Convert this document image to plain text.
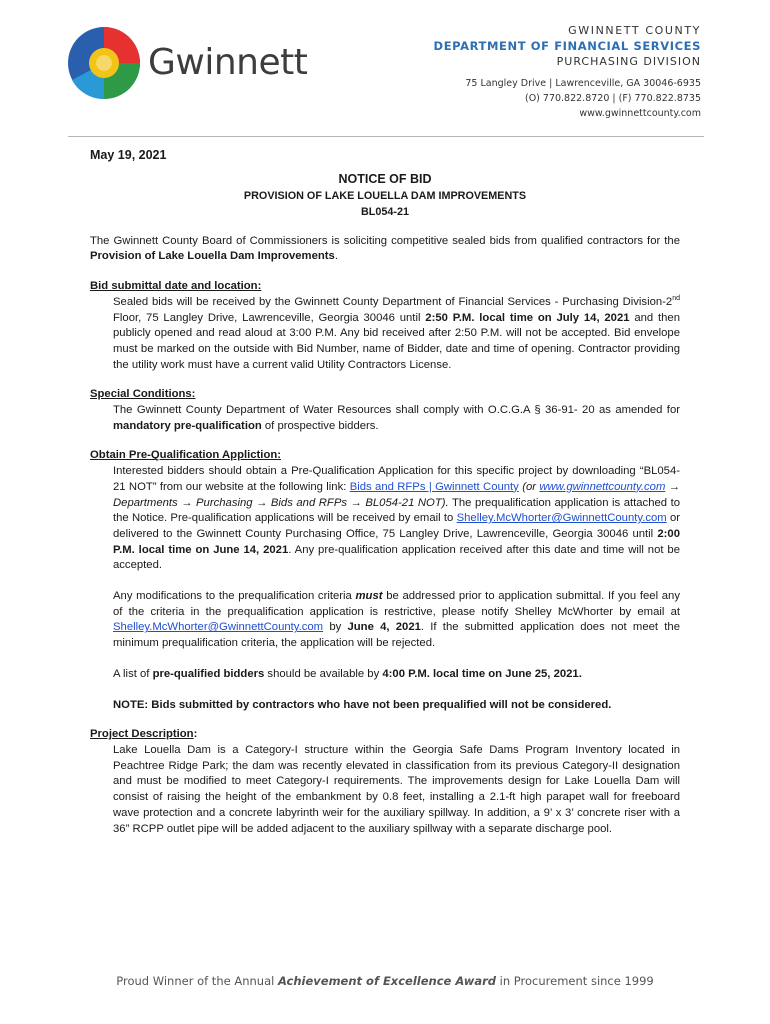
Gwinnett
GWINNETT COUNTY
DEPARTMENT OF FINANCIAL SERVICES
PURCHASING DIVISION
75 Langley Drive | Lawrenceville, GA 30046-6935
(O) 770.822.8720 | (F) 770.822.8735
www.gwinnettcounty.com
May 19, 2021
NOTICE OF BID
PROVISION OF LAKE LOUELLA DAM IMPROVEMENTS
BL054-21
The Gwinnett County Board of Commissioners is soliciting competitive sealed bids from qualified contractors for the Provision of Lake Louella Dam Improvements.
Bid submittal date and location:
Sealed bids will be received by the Gwinnett County Department of Financial Services - Purchasing Division-2nd Floor, 75 Langley Drive, Lawrenceville, Georgia 30046 until 2:50 P.M. local time on July 14, 2021 and then publicly opened and read aloud at 3:00 P.M. Any bid received after 2:50 P.M. will not be accepted. Bid envelope must be marked on the outside with Bid Number, name of Bidder, date and time of opening. Contractor providing the utility work must have a current valid Utility Contractors License.
Special Conditions:
The Gwinnett County Department of Water Resources shall comply with O.C.G.A § 36-91- 20 as amended for mandatory pre-qualification of prospective bidders.
Obtain Pre-Qualification Appliction:
Interested bidders should obtain a Pre-Qualification Application for this specific project by downloading “BL054-21 NOT” from our website at the following link: Bids and RFPs | Gwinnett County (or www.gwinnettcounty.com → Departments → Purchasing → Bids and RFPs → BL054-21 NOT). The prequalification application is attached to the Notice. Pre-qualification applications will be received by email to Shelley.McWhorter@GwinnettCounty.com or delivered to the Gwinnett County Purchasing Office, 75 Langley Drive, Lawrenceville, Georgia 30046 until 2:00 P.M. local time on June 14, 2021. Any pre-qualification application received after this date and time will not be accepted.
Any modifications to the prequalification criteria must be addressed prior to application submittal. If you feel any of the criteria in the prequalification application is restrictive, please notify Shelley McWhorter by email at Shelley.McWhorter@GwinnettCounty.com by June 4, 2021. If the submitted application does not meet the minimum prequalification criteria, the application will be rejected.
A list of pre-qualified bidders should be available by 4:00 P.M. local time on June 25, 2021.
NOTE: Bids submitted by contractors who have not been prequalified will not be considered.
Project Description:
Lake Louella Dam is a Category-I structure within the Georgia Safe Dams Program Inventory located in Peachtree Ridge Park; the dam was recently elevated in classification from its previous Category-II designation and must be modified to meet Category-I requirements. The improvements design for Lake Louella Dam will consist of raising the height of the embankment by 0.8 feet, installing a 2.1-ft high parapet wall for freeboard wave protection and a concrete labyrinth weir for the auxiliary spillway. In addition, a 9’ x 3’ concrete riser with a 36” RCPP outlet pipe will be added adjacent to the auxiliary spillway with a separate discharge pool.
Proud Winner of the Annual Achievement of Excellence Award in Procurement since 1999
